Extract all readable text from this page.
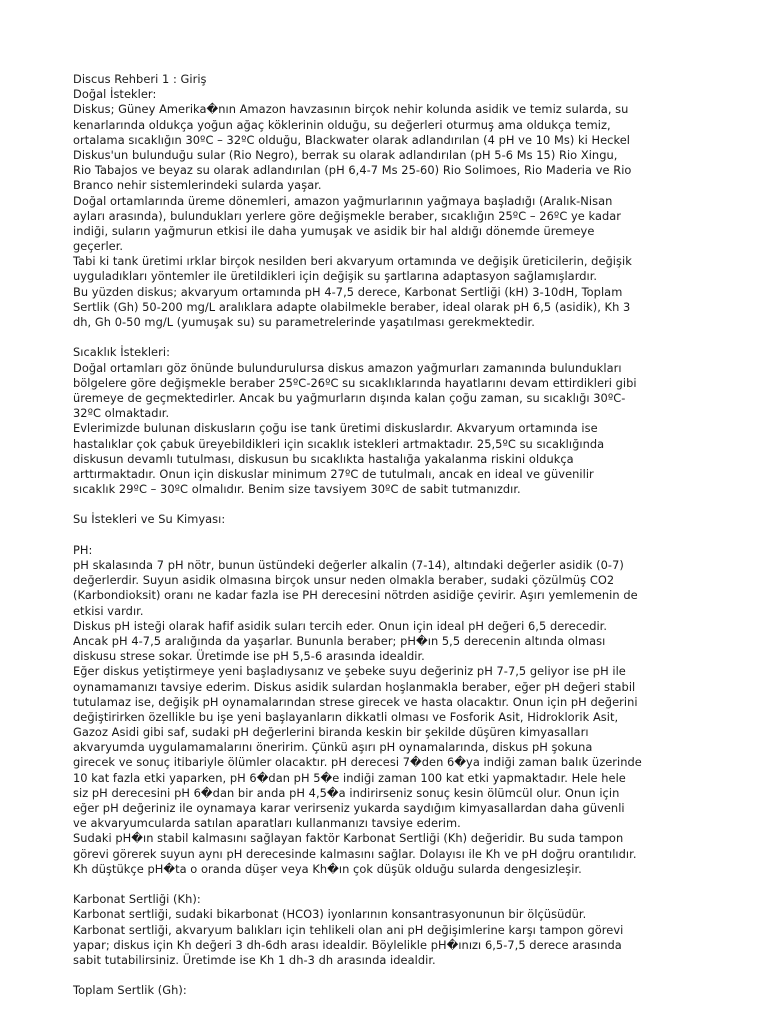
Discus Rehberi 1 : Giriş
Doğal İstekler:
Diskus; Güney Amerika�nın Amazon havzasının birçok nehir kolunda asidik ve temiz sularda, su
kenarlarında oldukça yoğun ağaç köklerinin olduğu, su değerleri oturmuş ama oldukça temiz,
ortalama sıcaklığın 30ºC – 32ºC olduğu, Blackwater olarak adlandırılan (4 pH ve 10 Ms) ki Heckel
Diskus'un bulunduğu sular (Rio Negro), berrak su olarak adlandırılan (pH 5-6 Ms 15) Rio Xingu,
Rio Tabajos ve beyaz su olarak adlandırılan (pH 6,4-7 Ms 25-60) Rio Solimoes, Rio Maderia ve Rio
Branco nehir sistemlerindeki sularda yaşar.
Doğal ortamlarında üreme dönemleri, amazon yağmurlarının yağmaya başladığı (Aralık-Nisan
ayları arasında), bulundukları yerlere göre değişmekle beraber, sıcaklığın 25ºC – 26ºC ye kadar
indiği, suların yağmurun etkisi ile daha yumuşak ve asidik bir hal aldığı dönemde üremeye
geçerler.
Tabi ki tank üretimi ırklar birçok nesilden beri akvaryum ortamında ve değişik üreticilerin, değişik
uyguladıkları yöntemler ile üretildikleri için değişik su şartlarına adaptasyon sağlamışlardır.
Bu yüzden diskus; akvaryum ortamında pH 4-7,5 derece, Karbonat Sertliği (kH) 3-10dH, Toplam
Sertlik (Gh) 50-200 mg/L aralıklara adapte olabilmekle beraber, ideal olarak pH 6,5 (asidik), Kh 3
dh, Gh 0-50 mg/L (yumuşak su) su parametrelerinde yaşatılması gerekmektedir.
Sıcaklık İstekleri:
Doğal ortamları göz önünde bulundurulursa diskus amazon yağmurları zamanında bulundukları
bölgelere göre değişmekle beraber 25ºC-26ºC su sıcaklıklarında hayatlarını devam ettirdikleri gibi
üremeye de geçmektedirler. Ancak bu yağmurların dışında kalan çoğu zaman, su sıcaklığı 30ºC-
32ºC olmaktadır.
Evlerimizde bulunan diskusların çoğu ise tank üretimi diskuslardır. Akvaryum ortamında ise
hastalıklar çok çabuk üreyebildikleri için sıcaklık istekleri artmaktadır. 25,5ºC su sıcaklığında
diskusun devamlı tutulması, diskusun bu sıcaklıkta hastalığa yakalanma riskini oldukça
arttırmaktadır. Onun için diskuslar minimum 27ºC de tutulmalı, ancak en ideal ve güvenilir
sıcaklık 29ºC – 30ºC olmalıdır. Benim size tavsiyem 30ºC de sabit tutmanızdır.
Su İstekleri ve Su Kimyası:
PH:
pH skalasında 7 pH nötr, bunun üstündeki değerler alkalin (7-14), altındaki değerler asidik (0-7)
değerlerdir. Suyun asidik olmasına birçok unsur neden olmakla beraber, sudaki çözülmüş CO2
(Karbondioksit) oranı ne kadar fazla ise PH derecesini nötrden asidiğe çevirir. Aşırı yemlemenin de
etkisi vardır.
Diskus pH isteği olarak hafif asidik suları tercih eder. Onun için ideal pH değeri 6,5 derecedir.
Ancak pH 4-7,5 aralığında da yaşarlar. Bununla beraber; pH�ın 5,5 derecenin altında olması
diskusu strese sokar. Üretimde ise pH 5,5-6 arasında idealdir.
Eğer diskus yetiştirmeye yeni başladıysanız ve şebeke suyu değeriniz pH 7-7,5 geliyor ise pH ile
oynamamanızı tavsiye ederim. Diskus asidik sulardan hoşlanmakla beraber, eğer pH değeri stabil
tutulamaz ise, değişik pH oynamalarından strese girecek ve hasta olacaktır. Onun için pH değerini
değiştirirken özellikle bu işe yeni başlayanların dikkatli olması ve Fosforik Asit, Hidroklorik Asit,
Gazoz Asidi gibi saf, sudaki pH değerlerini biranda keskin bir şekilde düşüren kimyasalları
akvaryumda uygulamamalarını öneririm. Çünkü aşırı pH oynamalarında, diskus pH şokuna
girecek ve sonuç itibariyle ölümler olacaktır. pH derecesi 7�den 6�ya indiği zaman balık üzerinde
10 kat fazla etki yaparken, pH 6�dan pH 5�e indiği zaman 100 kat etki yapmaktadır. Hele hele
siz pH derecesini pH 6�dan bir anda pH 4,5�a indirirseniz sonuç kesin ölümcül olur. Onun için
eğer pH değeriniz ile oynamaya karar verirseniz yukarda saydığım kimyasallardan daha güvenli
ve akvaryumcularda satılan aparatları kullanmanızı tavsiye ederim.
Sudaki pH�ın stabil kalmasını sağlayan faktör Karbonat Sertliği (Kh) değeridir. Bu suda tampon
görevi görerek suyun aynı pH derecesinde kalmasını sağlar. Dolayısı ile Kh ve pH doğru orantılıdır.
Kh düştükçe pH�ta o oranda düşer veya Kh�ın çok düşük olduğu sularda dengesizleşir.
Karbonat Sertliği (Kh):
Karbonat sertliği, sudaki bikarbonat (HCO3) iyonlarının konsantrasyonunun bir ölçüsüdür.
Karbonat sertliği, akvaryum balıkları için tehlikeli olan ani pH değişimlerine karşı tampon görevi
yapar; diskus için Kh değeri 3 dh-6dh arası idealdir. Böylelikle pH�ınızı 6,5-7,5 derece arasında
sabit tutabilirsiniz. Üretimde ise Kh 1 dh-3 dh arasında idealdir.
Toplam Sertlik (Gh):
